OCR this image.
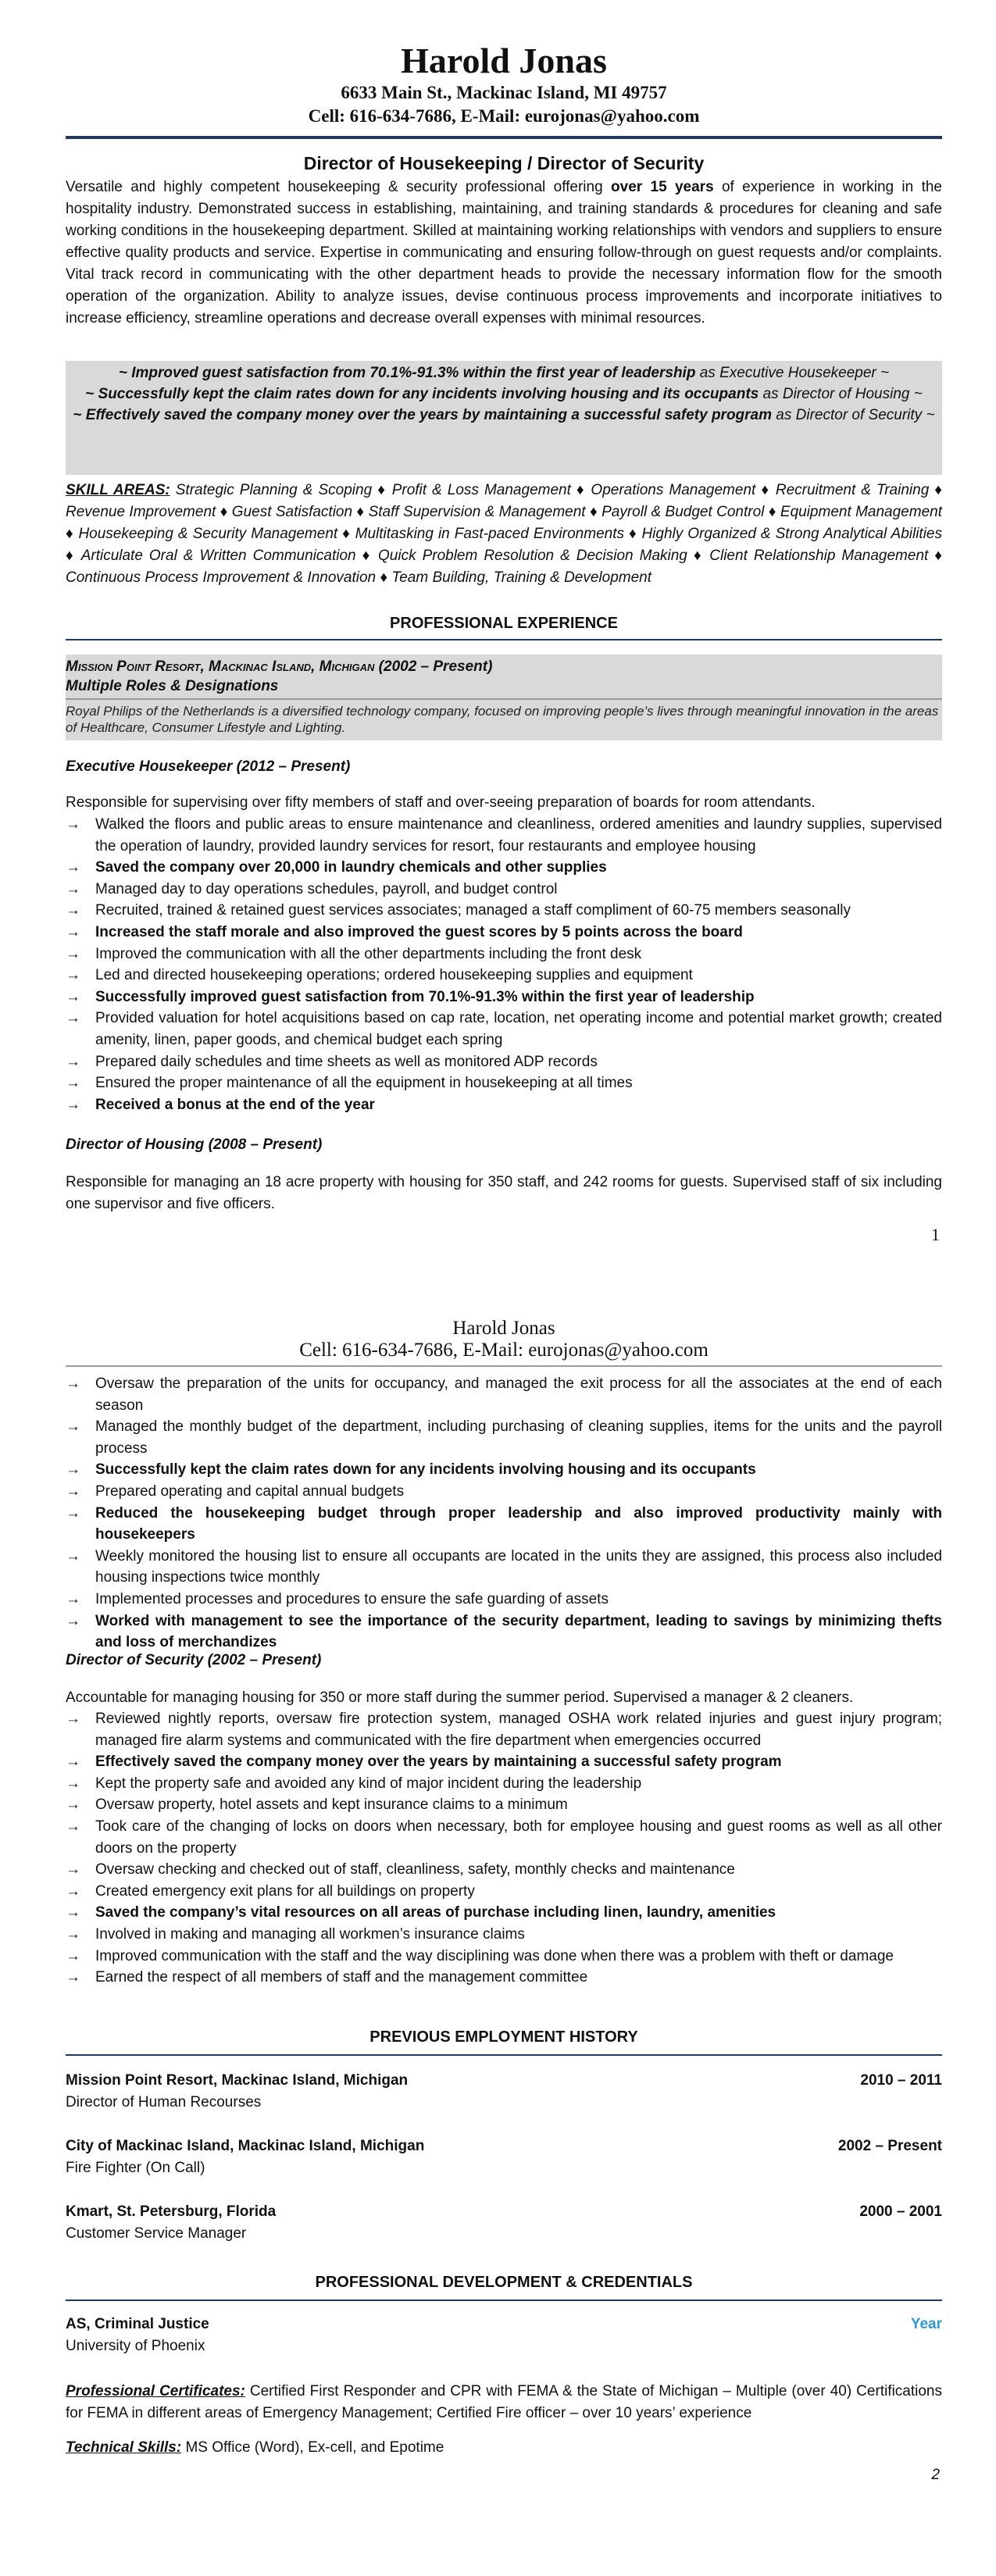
Harold Jonas
6633 Main St., Mackinac Island, MI 49757
Cell: 616-634-7686, E-Mail: eurojonas@yahoo.com
Director of Housekeeping / Director of Security
Versatile and highly competent housekeeping & security professional offering over 15 years of experience in working in the hospitality industry. Demonstrated success in establishing, maintaining, and training standards & procedures for cleaning and safe working conditions in the housekeeping department. Skilled at maintaining working relationships with vendors and suppliers to ensure effective quality products and service. Expertise in communicating and ensuring follow-through on guest requests and/or complaints. Vital track record in communicating with the other department heads to provide the necessary information flow for the smooth operation of the organization. Ability to analyze issues, devise continuous process improvements and incorporate initiatives to increase efficiency, streamline operations and decrease overall expenses with minimal resources.
~ Improved guest satisfaction from 70.1%-91.3% within the first year of leadership as Executive Housekeeper ~
~ Successfully kept the claim rates down for any incidents involving housing and its occupants as Director of Housing ~
~ Effectively saved the company money over the years by maintaining a successful safety program as Director of Security ~
SKILL AREAS: Strategic Planning & Scoping ♦ Profit & Loss Management ♦ Operations Management ♦ Recruitment & Training ♦ Revenue Improvement ♦ Guest Satisfaction ♦ Staff Supervision & Management ♦ Payroll & Budget Control ♦ Equipment Management ♦ Housekeeping & Security Management ♦ Multitasking in Fast-paced Environments ♦ Highly Organized & Strong Analytical Abilities ♦ Articulate Oral & Written Communication ♦ Quick Problem Resolution & Decision Making ♦ Client Relationship Management ♦ Continuous Process Improvement & Innovation ♦ Team Building, Training & Development
PROFESSIONAL EXPERIENCE
Mission Point Resort, Mackinac Island, Michigan (2002 – Present)
Multiple Roles & Designations
Royal Philips of the Netherlands is a diversified technology company, focused on improving people’s lives through meaningful innovation in the areas of Healthcare, Consumer Lifestyle and Lighting.
Executive Housekeeper (2012 – Present)
Responsible for supervising over fifty members of staff and over-seeing preparation of boards for room attendants.
→ Walked the floors and public areas to ensure maintenance and cleanliness, ordered amenities and laundry supplies, supervised the operation of laundry, provided laundry services for resort, four restaurants and employee housing
→ Saved the company over 20,000 in laundry chemicals and other supplies
→ Managed day to day operations schedules, payroll, and budget control
→ Recruited, trained & retained guest services associates; managed a staff compliment of 60-75 members seasonally
→ Increased the staff morale and also improved the guest scores by 5 points across the board
→ Improved the communication with all the other departments including the front desk
→ Led and directed housekeeping operations; ordered housekeeping supplies and equipment
→ Successfully improved guest satisfaction from 70.1%-91.3% within the first year of leadership
→ Provided valuation for hotel acquisitions based on cap rate, location, net operating income and potential market growth; created amenity, linen, paper goods, and chemical budget each spring
→ Prepared daily schedules and time sheets as well as monitored ADP records
→ Ensured the proper maintenance of all the equipment in housekeeping at all times
→ Received a bonus at the end of the year
Director of Housing (2008 – Present)
Responsible for managing an 18 acre property with housing for 350 staff, and 242 rooms for guests. Supervised staff of six including one supervisor and five officers.
1
Harold Jonas
Cell: 616-634-7686, E-Mail: eurojonas@yahoo.com
→ Oversaw the preparation of the units for occupancy, and managed the exit process for all the associates at the end of each season
→ Managed the monthly budget of the department, including purchasing of cleaning supplies, items for the units and the payroll process
→ Successfully kept the claim rates down for any incidents involving housing and its occupants
→ Prepared operating and capital annual budgets
→ Reduced the housekeeping budget through proper leadership and also improved productivity mainly with housekeepers
→ Weekly monitored the housing list to ensure all occupants are located in the units they are assigned, this process also included housing inspections twice monthly
→ Implemented processes and procedures to ensure the safe guarding of assets
→ Worked with management to see the importance of the security department, leading to savings by minimizing thefts and loss of merchandizes
Director of Security (2002 – Present)
Accountable for managing housing for 350 or more staff during the summer period. Supervised a manager & 2 cleaners.
→ Reviewed nightly reports, oversaw fire protection system, managed OSHA work related injuries and guest injury program; managed fire alarm systems and communicated with the fire department when emergencies occurred
→ Effectively saved the company money over the years by maintaining a successful safety program
→ Kept the property safe and avoided any kind of major incident during the leadership
→ Oversaw property, hotel assets and kept insurance claims to a minimum
→ Took care of the changing of locks on doors when necessary, both for employee housing and guest rooms as well as all other doors on the property
→ Oversaw checking and checked out of staff, cleanliness, safety, monthly checks and maintenance
→ Created emergency exit plans for all buildings on property
→ Saved the company’s vital resources on all areas of purchase including linen, laundry, amenities
→ Involved in making and managing all workmen’s insurance claims
→ Improved communication with the staff and the way disciplining was done when there was a problem with theft or damage
→ Earned the respect of all members of staff and the management committee
PREVIOUS EMPLOYMENT HISTORY
Mission Point Resort, Mackinac Island, Michigan	2010 – 2011
Director of Human Recourses
City of Mackinac Island, Mackinac Island, Michigan	2002 – Present
Fire Fighter (On Call)
Kmart, St. Petersburg, Florida	2000 – 2001
Customer Service Manager
PROFESSIONAL DEVELOPMENT & CREDENTIALS
AS, Criminal Justice	Year
University of Phoenix
Professional Certificates: Certified First Responder and CPR with FEMA & the State of Michigan – Multiple (over 40) Certifications for FEMA in different areas of Emergency Management; Certified Fire officer – over 10 years’ experience
Technical Skills: MS Office (Word), Ex-cell, and Epotime
2
